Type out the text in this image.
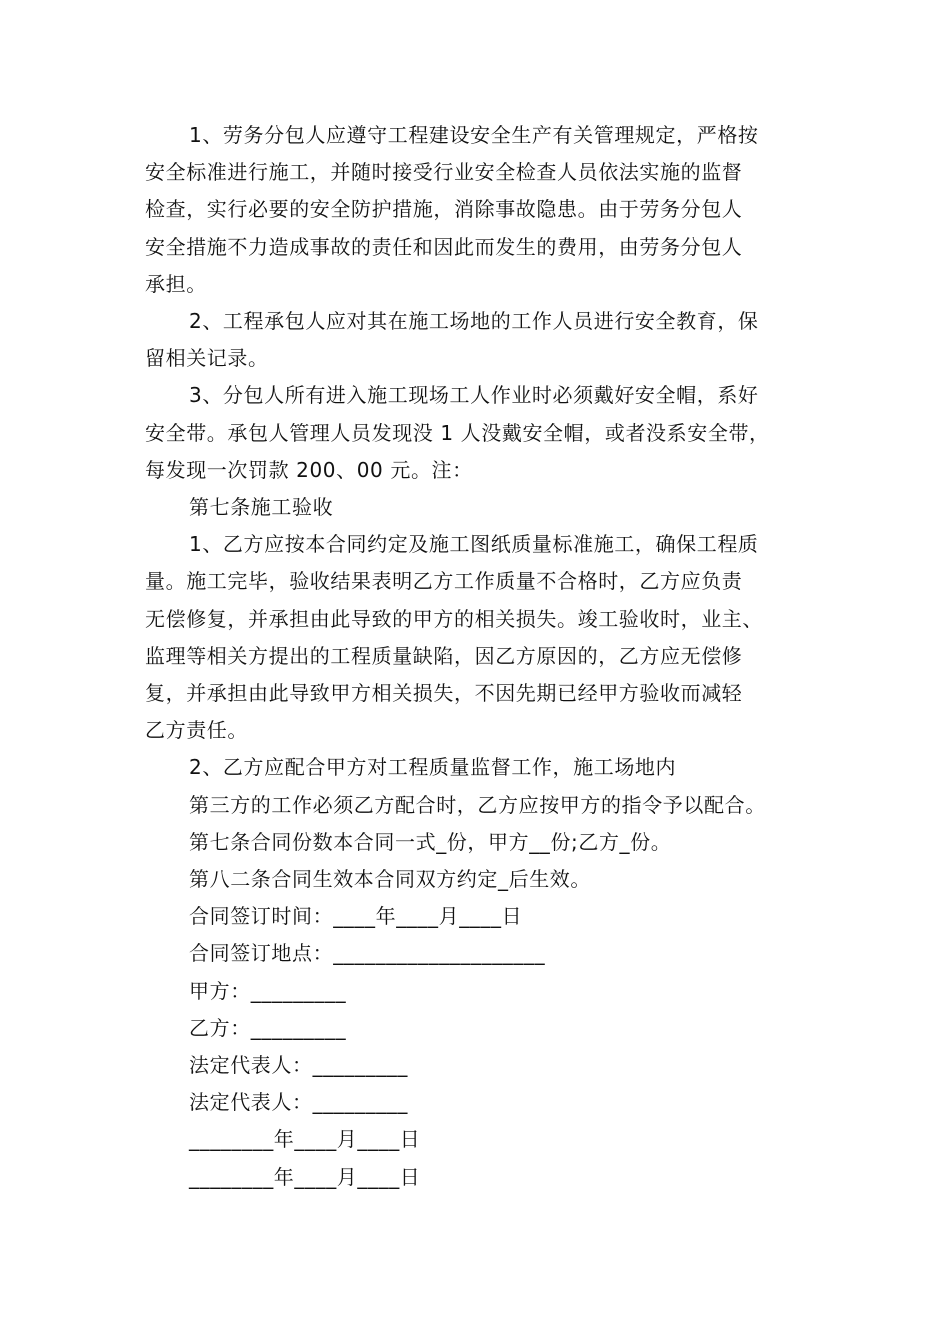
1、劳务分包人应遵守工程建设安全生产有关管理规定，严格按

安全标准进行施工，并随时接受行业安全检查人员依法实施的监督

检查，实行必要的安全防护措施，消除事故隐患。由于劳务分包人

安全措施不力造成事故的责任和因此而发生的费用，由劳务分包人

承担。

2、工程承包人应对其在施工场地的工作人员进行安全教育，保

留相关记录。

3、分包人所有进入施工现场工人作业时必须戴好安全帽，系好

安全带。承包人管理人员发现没 1 人没戴安全帽，或者没系安全带，

每发现一次罚款 200、00 元。注：

第七条施工验收

1、乙方应按本合同约定及施工图纸质量标准施工，确保工程质

量。施工完毕，验收结果表明乙方工作质量不合格时，乙方应负责

无偿修复，并承担由此导致的甲方的相关损失。竣工验收时，业主、

监理等相关方提出的工程质量缺陷，因乙方原因的，乙方应无偿修

复，并承担由此导致甲方相关损失，不因先期已经甲方验收而减轻

乙方责任。

2、乙方应配合甲方对工程质量监督工作，施工场地内

第三方的工作必须乙方配合时，乙方应按甲方的指令予以配合。

第七条合同份数本合同一式_份，甲方__份;乙方_份。

第八二条合同生效本合同双方约定_后生效。

合同签订时间：____年____月____日

合同签订地点：____________________

甲方：_________

乙方：_________

法定代表人：_________

法定代表人：_________

________年____月____日

________年____月____日
